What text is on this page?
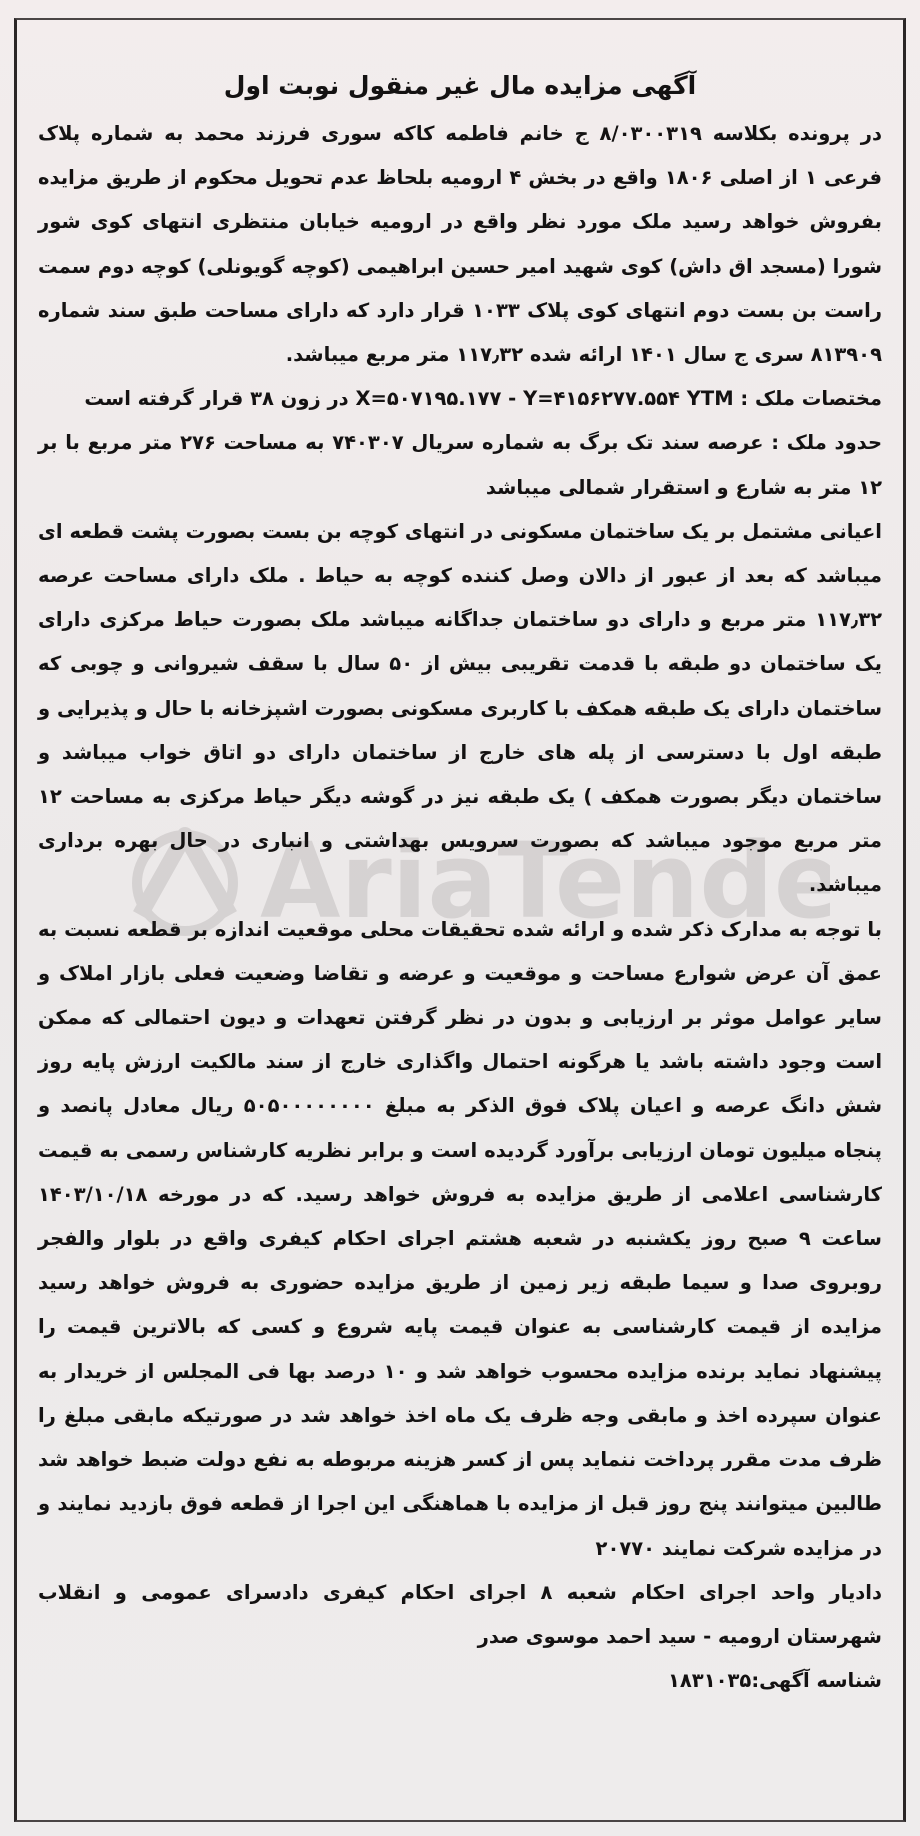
AriaTende
آگهی مزایده مال غیر منقول نوبت اول

در پرونده بکلاسه ۸/۰۳۰۰۳۱۹ ج خانم فاطمه کاکه سوری فرزند محمد به شماره پلاک فرعی ۱ از اصلی ۱۸۰۶ واقع در بخش ۴ ارومیه بلحاظ عدم تحویل محکوم از طریق مزایده بفروش خواهد رسید ملک مورد نظر واقع در ارومیه خیابان منتظری انتهای کوی شور شورا (مسجد اق داش) کوی شهید امیر حسین ابراهیمی (کوچه گویونلی) کوچه دوم سمت راست بن بست دوم انتهای کوی پلاک ۱۰۳۳ قرار دارد که دارای مساحت طبق سند شماره ۸۱۳۹۰۹ سری ج سال ۱۴۰۱ ارائه شده ۱۱۷٫۳۲ متر مربع میباشد.

مختصات ملک : YTM X=۵۰۷۱۹۵.۱۷۷ - Y=۴۱۵۶۲۷۷.۵۵۴ در زون ۳۸ قرار گرفته است

حدود ملک : عرصه سند تک برگ به شماره سریال ۷۴۰۳۰۷ به مساحت ۲۷۶ متر مربع با بر ۱۲ متر به شارع و استقرار شمالی میباشد

اعیانی مشتمل بر یک ساختمان مسکونی در انتهای کوچه بن بست بصورت پشت قطعه ای میباشد که بعد از عبور از دالان وصل کننده کوچه به حیاط . ملک دارای مساحت عرصه ۱۱۷٫۳۲ متر مربع و دارای دو ساختمان جداگانه میباشد ملک بصورت حیاط مرکزی دارای یک ساختمان دو طبقه با قدمت تقریبی بیش از ۵۰ سال با سقف شیروانی و چوبی که ساختمان دارای یک طبقه همکف با کاربری مسکونی بصورت اشپزخانه با حال و پذیرایی و طبقه اول با دسترسی از پله های خارج از ساختمان دارای دو اتاق خواب میباشد و ساختمان دیگر بصورت همکف ) یک طبقه نیز در گوشه دیگر حیاط مرکزی به مساحت ۱۲ متر مربع موجود میباشد که بصورت سرویس بهداشتی و انباری در حال بهره برداری میباشد.

با توجه به مدارک ذکر شده و ارائه شده تحقیقات محلی موقعیت اندازه بر قطعه نسبت به عمق آن عرض شوارع مساحت و موقعیت و عرضه و تقاضا وضعیت فعلی بازار املاک و سایر عوامل موثر بر ارزیابی و بدون در نظر گرفتن تعهدات و دیون احتمالی که ممکن است وجود داشته باشد یا هرگونه احتمال واگذاری خارج از سند مالکیت ارزش پایه روز شش دانگ عرصه و اعیان پلاک فوق الذکر به مبلغ ۵۰۵۰۰۰۰۰۰۰۰ ریال معادل پانصد و پنجاه میلیون تومان ارزیابی برآورد گردیده است و برابر نظریه کارشناس رسمی به قیمت کارشناسی اعلامی از طریق مزایده به فروش خواهد رسید. که در مورخه ۱۴۰۳/۱۰/۱۸ ساعت ۹ صبح روز یکشنبه در شعبه هشتم اجرای احکام کیفری واقع در بلوار والفجر روبروی صدا و سیما طبقه زیر زمین از طریق مزایده حضوری به فروش خواهد رسید مزایده از قیمت کارشناسی به عنوان قیمت پایه شروع و کسی که بالاترین قیمت را پیشنهاد نماید برنده مزایده محسوب خواهد شد و ۱۰ درصد بها فی المجلس از خریدار به عنوان سپرده اخذ و مابقی وجه ظرف یک ماه اخذ خواهد شد در صورتیکه مابقی مبلغ را ظرف مدت مقرر پرداخت ننماید پس از کسر هزینه مربوطه به نفع دولت ضبط خواهد شد طالبین میتوانند پنج روز قبل از مزایده با هماهنگی این اجرا از قطعه فوق بازدید نمایند و در مزایده شرکت نمایند ۲۰۷۷۰

دادیار واحد اجرای احکام شعبه ۸ اجرای احکام کیفری دادسرای عمومی و انقلاب شهرستان ارومیه - سید احمد موسوی صدر

شناسه آگهی:۱۸۳۱۰۳۵
